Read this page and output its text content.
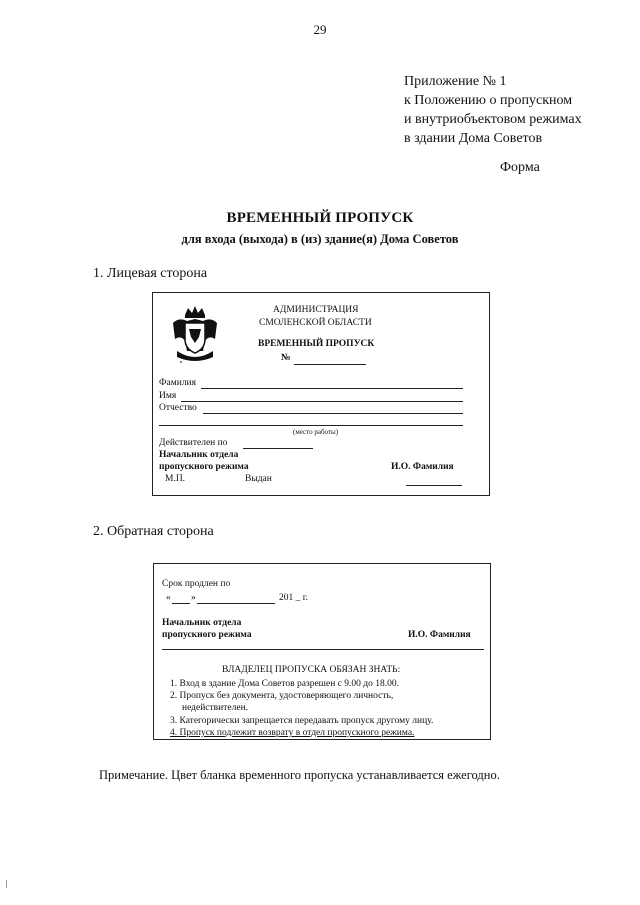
29
Приложение № 1
к Положению о пропускном
и внутриобъектовом режимах
в здании Дома Советов
Форма
ВРЕМЕННЫЙ ПРОПУСК
для входа (выхода) в (из) здание(я) Дома Советов
1. Лицевая сторона
АДМИНИСТРАЦИЯ
СМОЛЕНСКОЙ ОБЛАСТИ
ВРЕМЕННЫЙ ПРОПУСК
№
Фамилия
Имя
Отчество
(место работы)
Действителен по
Начальник отдела
пропускного режима	И.О. Фамилия
М.П.	Выдан
2. Обратная сторона
Срок продлен по
« »	201 _ г.
Начальник отдела
пропускного режима	И.О. Фамилия
ВЛАДЕЛЕЦ ПРОПУСКА ОБЯЗАН ЗНАТЬ:
1. Вход в здание Дома Советов разрешен с 9.00 до 18.00.
2. Пропуск без документа, удостоверяющего личность,
недействителен.
3. Категорически запрещается передавать пропуск другому лицу.
4. Пропуск подлежит возврату в отдел пропускного режима.
Примечание. Цвет бланка временного пропуска устанавливается ежегодно.
